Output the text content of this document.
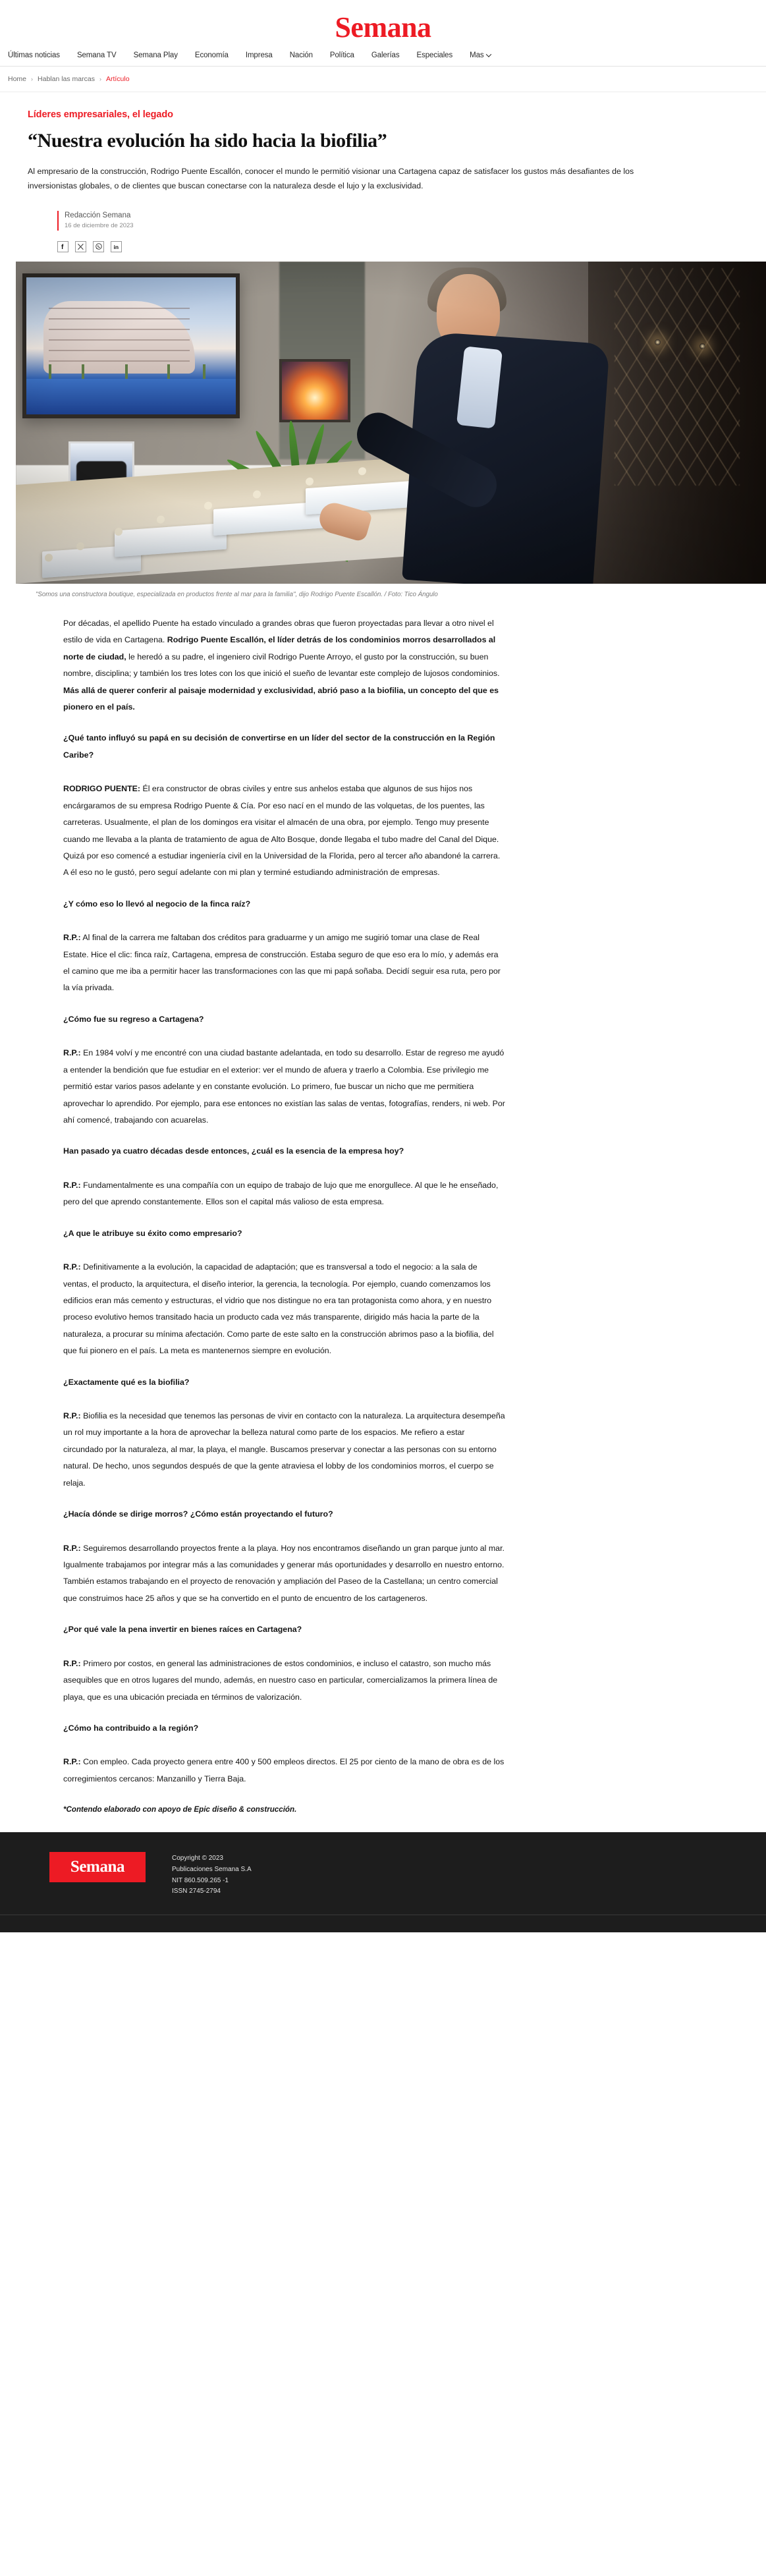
Semana
Últimas noticias Semana TV Semana Play Economía Impresa Nación Política Galerías Especiales Mas
Home › Hablan las marcas › Artículo
Líderes empresariales, el legado
“Nuestra evolución ha sido hacia la biofilia”

Al empresario de la construcción, Rodrigo Puente Escallón, conocer el mundo le permitió visionar una Cartagena capaz de satisfacer los gustos más desafiantes de los inversionistas globales, o de clientes que buscan conectarse con la naturaleza desde el lujo y la exclusividad.

Redacción Semana
16 de diciembre de 2023
f	in
"Somos una constructora boutique, especializada en productos frente al mar para la familia", dijo Rodrigo Puente Escallón. / Foto: Tico Ángulo

Por décadas, el apellido Puente ha estado vinculado a grandes obras que fueron proyectadas para llevar a otro nivel el estilo de vida en Cartagena. Rodrigo Puente Escallón, el líder detrás de los condominios morros desarrollados al norte de ciudad, le heredó a su padre, el ingeniero civil Rodrigo Puente Arroyo, el gusto por la construcción, su buen nombre, disciplina; y también los tres lotes con los que inició el sueño de levantar este complejo de lujosos condominios. Más allá de querer conferir al paisaje modernidad y exclusividad, abrió paso a la biofilia, un concepto del que es pionero en el país.

¿Qué tanto influyó su papá en su decisión de convertirse en un líder del sector de la construcción en la Región Caribe?

RODRIGO PUENTE: Él era constructor de obras civiles y entre sus anhelos estaba que algunos de sus hijos nos encárgaramos de su empresa Rodrigo Puente & Cía. Por eso nací en el mundo de las volquetas, de los puentes, las carreteras. Usualmente, el plan de los domingos era visitar el almacén de una obra, por ejemplo. Tengo muy presente cuando me llevaba a la planta de tratamiento de agua de Alto Bosque, donde llegaba el tubo madre del Canal del Dique. Quizá por eso comencé a estudiar ingeniería civil en la Universidad de la Florida, pero al tercer año abandoné la carrera. A él eso no le gustó, pero seguí adelante con mi plan y terminé estudiando administración de empresas.

¿Y cómo eso lo llevó al negocio de la finca raíz?

R.P.: Al final de la carrera me faltaban dos créditos para graduarme y un amigo me sugirió tomar una clase de Real Estate. Hice el clic: finca raíz, Cartagena, empresa de construcción. Estaba seguro de que eso era lo mío, y además era el camino que me iba a permitir hacer las transformaciones con las que mi papá soñaba. Decidí seguir esa ruta, pero por la vía privada.

¿Cómo fue su regreso a Cartagena?

R.P.: En 1984 volví y me encontré con una ciudad bastante adelantada, en todo su desarrollo. Estar de regreso me ayudó a entender la bendición que fue estudiar en el exterior: ver el mundo de afuera y traerlo a Colombia. Ese privilegio me permitió estar varios pasos adelante y en constante evolución. Lo primero, fue buscar un nicho que me permitiera aprovechar lo aprendido. Por ejemplo, para ese entonces no existían las salas de ventas, fotografías, renders, ni web. Por ahí comencé, trabajando con acuarelas.

Han pasado ya cuatro décadas desde entonces, ¿cuál es la esencia de la empresa hoy?

R.P.: Fundamentalmente es una compañía con un equipo de trabajo de lujo que me enorgullece. Al que le he enseñado, pero del que aprendo constantemente. Ellos son el capital más valioso de esta empresa.

¿A que le atribuye su éxito como empresario?

R.P.: Definitivamente a la evolución, la capacidad de adaptación; que es transversal a todo el negocio: a la sala de ventas, el producto, la arquitectura, el diseño interior, la gerencia, la tecnología. Por ejemplo, cuando comenzamos los edificios eran más cemento y estructuras, el vidrio que nos distingue no era tan protagonista como ahora, y en nuestro proceso evolutivo hemos transitado hacia un producto cada vez más transparente, dirigido más hacia la parte de la naturaleza, a procurar su mínima afectación. Como parte de este salto en la construcción abrimos paso a la biofilia, del que fui pionero en el país. La meta es mantenernos siempre en evolución.

¿Exactamente qué es la biofilia?

R.P.: Biofilia es la necesidad que tenemos las personas de vivir en contacto con la naturaleza. La arquitectura desempeña un rol muy importante a la hora de aprovechar la belleza natural como parte de los espacios. Me refiero a estar circundado por la naturaleza, al mar, la playa, el mangle. Buscamos preservar y conectar a las personas con su entorno natural. De hecho, unos segundos después de que la gente atraviesa el lobby de los condominios morros, el cuerpo se relaja.

¿Hacía dónde se dirige morros? ¿Cómo están proyectando el futuro?

R.P.: Seguiremos desarrollando proyectos frente a la playa. Hoy nos encontramos diseñando un gran parque junto al mar. Igualmente trabajamos por integrar más a las comunidades y generar más oportunidades y desarrollo en nuestro entorno. También estamos trabajando en el proyecto de renovación y ampliación del Paseo de la Castellana; un centro comercial que construimos hace 25 años y que se ha convertido en el punto de encuentro de los cartageneros.

¿Por qué vale la pena invertir en bienes raíces en Cartagena?

R.P.: Primero por costos, en general las administraciones de estos condominios, e incluso el catastro, son mucho más asequibles que en otros lugares del mundo, además, en nuestro caso en particular, comercializamos la primera línea de playa, que es una ubicación preciada en términos de valorización.

¿Cómo ha contribuido a la región?

R.P.: Con empleo. Cada proyecto genera entre 400 y 500 empleos directos. El 25 por ciento de la mano de obra es de los corregimientos cercanos: Manzanillo y Tierra Baja.

*Contendo elaborado con apoyo de Epic diseño & construcción.

Semana	Copyright © 2023
Publicaciones Semana S.A
NIT 860.509.265 -1
ISSN 2745-2794
